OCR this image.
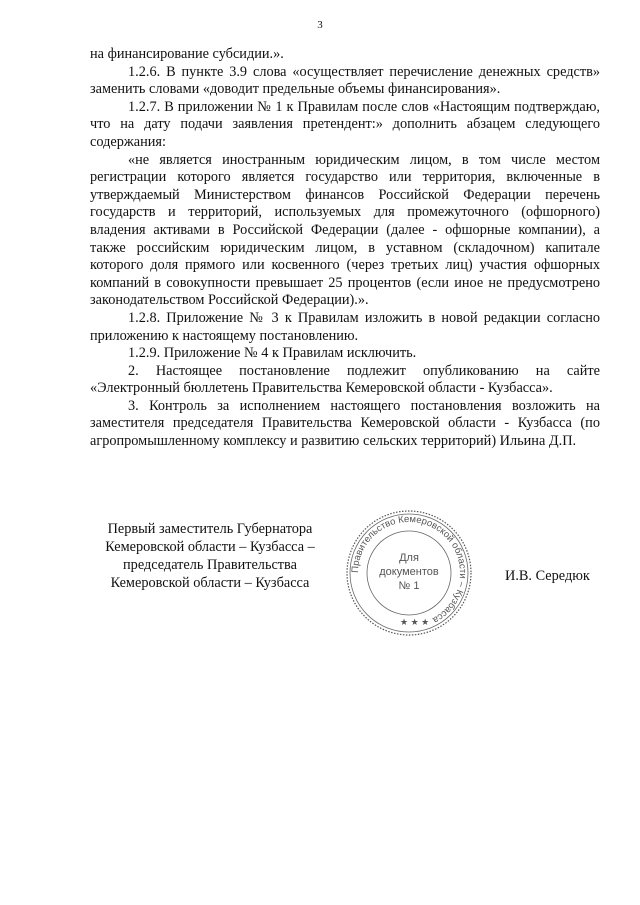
3

на финансирование субсидии.».

1.2.6. В пункте 3.9 слова «осуществляет перечисление денежных средств» заменить словами «доводит предельные объемы финансирования».

1.2.7. В приложении № 1 к Правилам после слов «Настоящим подтверждаю, что на дату подачи заявления претендент:» дополнить абзацем следующего содержания:

«не является иностранным юридическим лицом, в том числе местом регистрации которого является государство или территория, включенные в утверждаемый Министерством финансов Российской Федерации перечень государств и территорий, используемых для промежуточного (офшорного) владения активами в Российской Федерации (далее - офшорные компании), а также российским юридическим лицом, в уставном (складочном) капитале которого доля прямого или косвенного (через третьих лиц) участия офшорных компаний в совокупности превышает 25 процентов (если иное не предусмотрено законодательством Российской Федерации).».

1.2.8. Приложение № 3 к Правилам изложить в новой редакции согласно приложению к настоящему постановлению.

1.2.9. Приложение № 4 к Правилам исключить.

2. Настоящее постановление подлежит опубликованию на сайте «Электронный бюллетень Правительства Кемеровской области - Кузбасса».

3. Контроль за исполнением настоящего постановления возложить на заместителя председателя Правительства Кемеровской области - Кузбасса (по агропромышленному комплексу и развитию сельских территорий) Ильина Д.П.

Первый заместитель Губернатора
Кемеровской области – Кузбасса –
председатель Правительства
Кемеровской области – Кузбасса
Правительство Кемеровской области – Кузбасса
★ ★ ★
Для
документов
№ 1
И.В. Середюк
